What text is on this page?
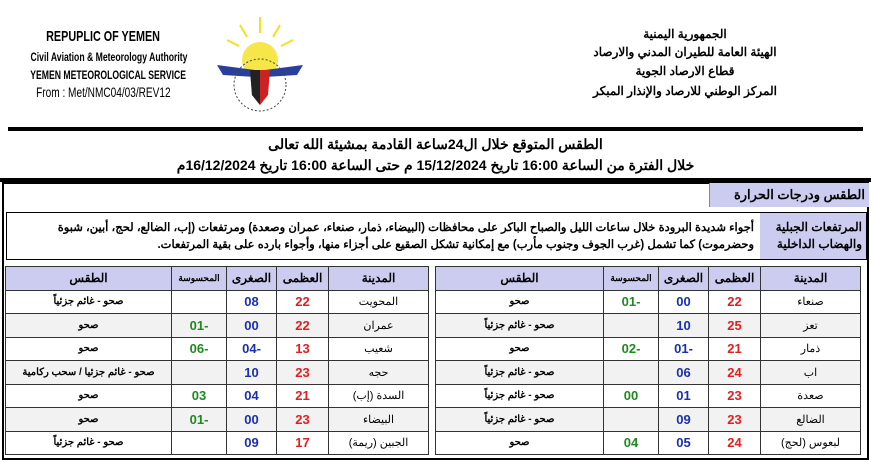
REPUPLIC OF YEMEN
Civil Aviation & Meteorology Authority
YEMEN METEOROLOGICAL SERVICE
From : Met/NMC04/03/REV12
الجمهورية اليمنية
الهيئة العامة للطيران المدني والارصاد
قطاع الارصاد الجوية
المركز الوطني للارصاد والإنذار المبكر
الطقس المتوقع خلال ال24ساعة القادمة بمشيئة الله تعالى
خلال الفترة من الساعة 16:00 تاريخ 15/12/2024 م حتى الساعة 16:00 تاريخ 16/12/2024م
الطقس ودرجات الحرارة
المرتفعات الجبلية والهضاب الداخلية
أجواء شديدة البرودة خلال ساعات الليل والصباح الباكر على محافظات (البيضاء، ذمار، صنعاء، عمران وصعدة) ومرتفعات (إب، الضالع، لحج، أبين، شبوة وحضرموت) كما تشمل (غرب الجوف وجنوب مأرب) مع إمكانية تشكل الصقيع على أجزاء منها، وأجواء بارده على بقية المرتفعات.
المدينة	العظمى	الصغرى	المحسوسة	الطقس
صنعاء	22	00	-01	صحو
تعز	25	10		صحو - غائم جزئياً
ذمار	21	-01	-02	صحو
اب	24	06		صحو - غائم جزئياً
صعدة	23	01	00	صحو - غائم جزئياً
الضالع	23	09		صحو - غائم جزئياً
لبعوس (لحج)	24	05	04	صحو
المدينة	العظمى	الصغرى	المحسوسة	الطقس
المحويت	22	08		صحو - غائم جزئياً
عمران	22	00	-01	صحو
شعيب	13	-04	-06	صحو
حجه	23	10		صحو - غائم جزئيا / سحب ركامية
السدة (إب)	21	04	03	صحو
البيضاء	23	00	-01	صحو
الجبين (ريمة)	17	09		صحو - غائم جزئياً
